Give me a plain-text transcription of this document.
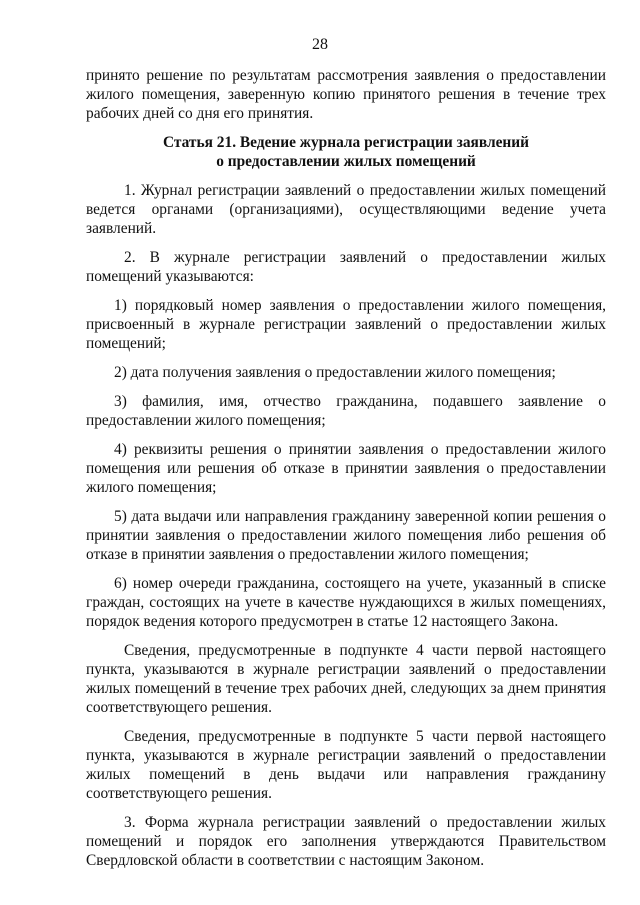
28

принято решение по результатам рассмотрения заявления о предоставлении жилого помещения, заверенную копию принятого решения в течение трех рабочих дней со дня его принятия.

Статья 21. Ведение журнала регистрации заявлений
о предоставлении жилых помещений

1. Журнал регистрации заявлений о предоставлении жилых помещений ведется органами (организациями), осуществляющими ведение учета заявлений.

2. В журнале регистрации заявлений о предоставлении жилых помещений указываются:

1) порядковый номер заявления о предоставлении жилого помещения, присвоенный в журнале регистрации заявлений о предоставлении жилых помещений;

2) дата получения заявления о предоставлении жилого помещения;

3) фамилия, имя, отчество гражданина, подавшего заявление о предоставлении жилого помещения;

4) реквизиты решения о принятии заявления о предоставлении жилого помещения или решения об отказе в принятии заявления о предоставлении жилого помещения;

5) дата выдачи или направления гражданину заверенной копии решения о принятии заявления о предоставлении жилого помещения либо решения об отказе в принятии заявления о предоставлении жилого помещения;

6) номер очереди гражданина, состоящего на учете, указанный в списке граждан, состоящих на учете в качестве нуждающихся в жилых помещениях, порядок ведения которого предусмотрен в статье 12 настоящего Закона.

Сведения, предусмотренные в подпункте 4 части первой настоящего пункта, указываются в журнале регистрации заявлений о предоставлении жилых помещений в течение трех рабочих дней, следующих за днем принятия соответствующего решения.

Сведения, предусмотренные в подпункте 5 части первой настоящего пункта, указываются в журнале регистрации заявлений о предоставлении жилых помещений в день выдачи или направления гражданину соответствующего решения.

3. Форма журнала регистрации заявлений о предоставлении жилых помещений и порядок его заполнения утверждаются Правительством Свердловской области в соответствии с настоящим Законом.
